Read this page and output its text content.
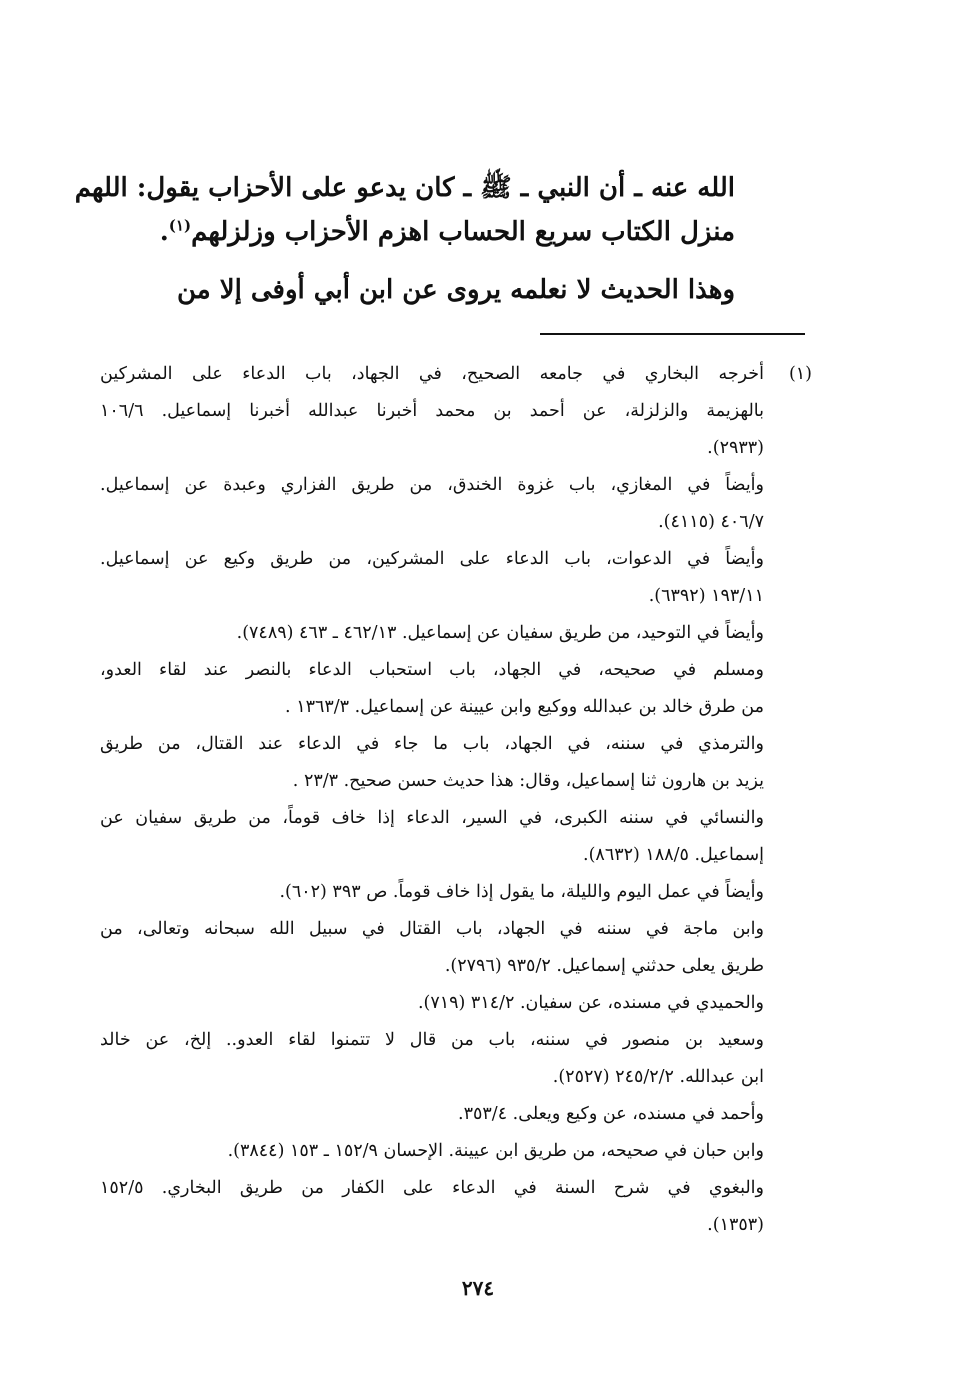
الله عنه ـ أن النبي ـ ﷺ ـ كان يدعو على الأحزاب يقول: اللهم
منزل الكتاب سريع الحساب اهزم الأحزاب وزلزلهم$^{(١)}$.
وهذا الحديث لا نعلمه يروى عن ابن أبي أوفى إلا من
(١)
أخرجه البخاري في جامعه الصحيح، في الجهاد، باب الدعاء على المشركين
بالهزيمة والزلزلة، عن أحمد بن محمد أخبرنا عبدالله أخبرنا إسماعيل. ١٠٦/٦
(٢٩٣٣).
وأيضاً في المغازي، باب غزوة الخندق، من طريق الفزاري وعبدة عن إسماعيل.
٤٠٦/٧ (٤١١٥).
وأيضاً في الدعوات، باب الدعاء على المشركين، من طريق وكيع عن إسماعيل.
١٩٣/١١ (٦٣٩٢).
وأيضاً في التوحيد، من طريق سفيان عن إسماعيل. ٤٦٢/١٣ ـ ٤٦٣ (٧٤٨٩).
ومسلم في صحيحه، في الجهاد، باب استحباب الدعاء بالنصر عند لقاء العدو،
من طرق خالد بن عبدالله ووكيع وابن عيينة عن إسماعيل. ١٣٦٣/٣ .
والترمذي في سننه، في الجهاد، باب ما جاء في الدعاء عند القتال، من طريق
يزيد بن هارون ثنا إسماعيل، وقال: هذا حديث حسن صحيح. ٢٣/٣ .
والنسائي في سننه الكبرى، في السير، الدعاء إذا خاف قوماً، من طريق سفيان عن
إسماعيل. ١٨٨/٥ (٨٦٣٢).
وأيضاً في عمل اليوم والليلة، ما يقول إذا خاف قوماً. ص ٣٩٣ (٦٠٢).
وابن ماجة في سننه في الجهاد، باب القتال في سبيل الله سبحانه وتعالى، من
طريق يعلى حدثني إسماعيل. ٩٣٥/٢ (٢٧٩٦).
والحميدي في مسنده، عن سفيان. ٣١٤/٢ (٧١٩).
وسعيد بن منصور في سننه، باب من قال لا تتمنوا لقاء العدو.. إلخ، عن خالد
ابن عبدالله. ٢٤٥/٢/٢ (٢٥٢٧).
وأحمد في مسنده، عن وكيع ويعلى. ٣٥٣/٤.
وابن حبان في صحيحه، من طريق ابن عيينة. الإحسان ١٥٢/٩ ـ ١٥٣ (٣٨٤٤).
والبغوي في شرح السنة في الدعاء على الكفار من طريق البخاري. ١٥٢/٥
(١٣٥٣).
٢٧٤
